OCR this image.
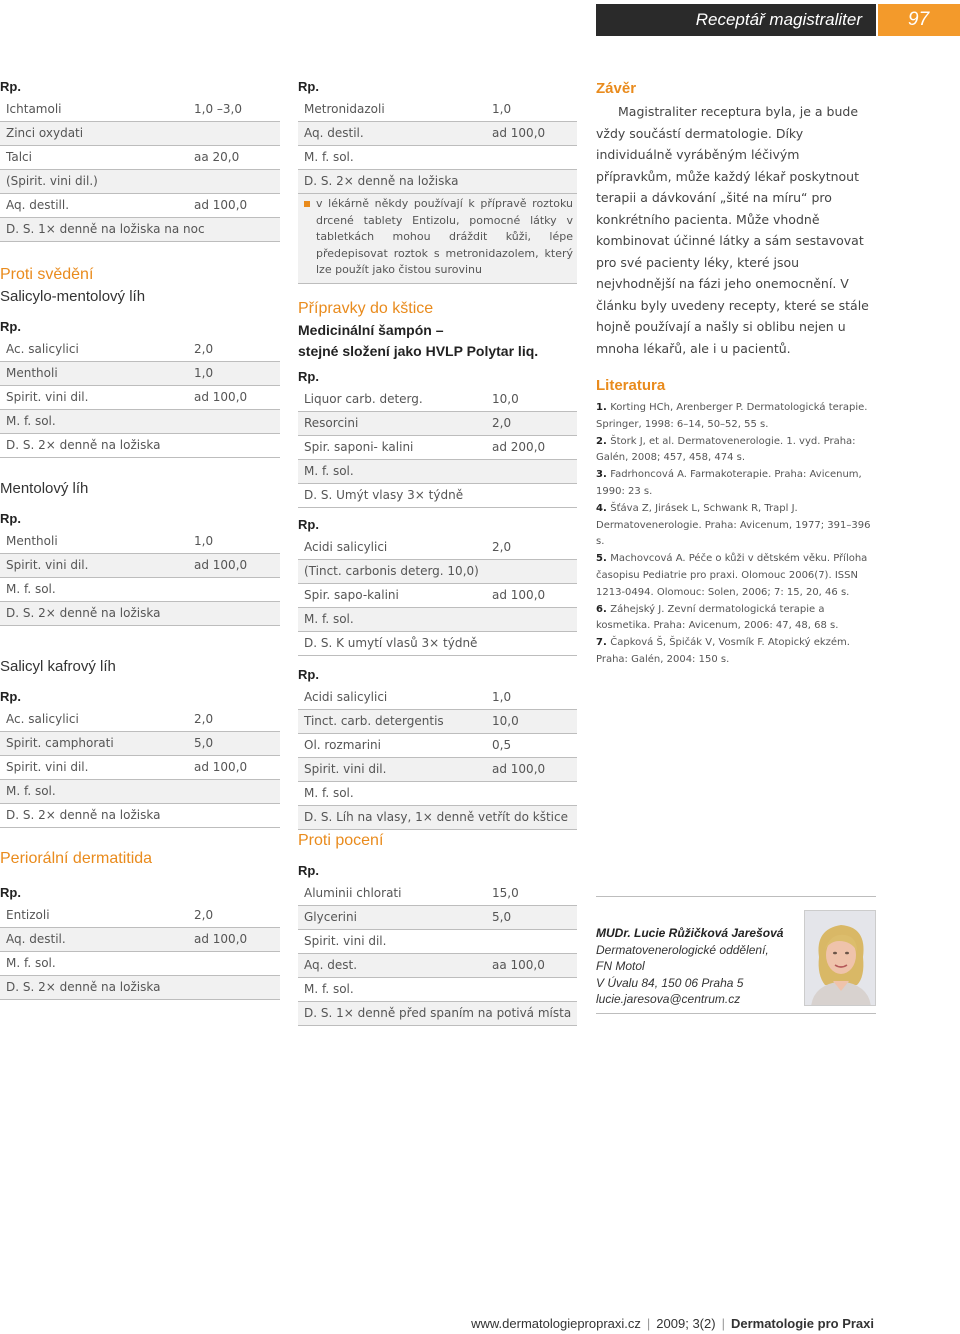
Receptář magistraliter	97
Rp.
Ichtamoli	1,0 –3,0
Zinci oxydati
Talci	aa 20,0
(Spirit. vini dil.)
Aq. destill.	ad 100,0
D. S. 1× denně na ložiska na noc
Proti svědění
Salicylo-mentolový líh
Rp.
Ac. salicylici	2,0
Mentholi	1,0
Spirit. vini dil.	ad 100,0
M. f. sol.
D. S. 2× denně na ložiska
Mentolový líh
Rp.
Mentholi	1,0
Spirit. vini dil.	ad 100,0
M. f. sol.
D. S. 2× denně na ložiska
Salicyl kafrový líh
Rp.
Ac. salicylici	2,0
Spirit. camphorati	5,0
Spirit. vini dil.	ad 100,0
M. f. sol.
D. S. 2× denně na ložiska
Periorální dermatitida
Rp.
Entizoli	2,0
Aq. destil.	ad 100,0
M. f. sol.
D. S. 2× denně na ložiska
Rp.
Metronidazoli	1,0
Aq. destil.	ad 100,0
M. f. sol.
D. S. 2× denně na ložiska
v lékárně někdy používají k přípravě roztoku drcené tablety Entizolu, pomocné látky v tabletkách mohou dráždit kůži, lépe předepisovat roztok s metronidazolem, který lze použít jako čistou surovinu
Přípravky do kštice
Medicinální šampón –
stejné složení jako HVLP Polytar liq.
Rp.
Liquor carb. deterg.	10,0
Resorcini	2,0
Spir. saponi- kalini	ad 200,0
M. f. sol.
D. S. Umýt vlasy 3× týdně
Rp.
Acidi salicylici	2,0
(Tinct. carbonis deterg. 10,0)
Spir. sapo-kalini	ad 100,0
M. f. sol.
D. S. K umytí vlasů 3× týdně
Rp.
Acidi salicylici	1,0
Tinct. carb. detergentis	10,0
Ol. rozmarini	0,5
Spirit. vini dil.	ad 100,0
M. f. sol.
D. S. Líh na vlasy, 1× denně vetřít do kštice
Proti pocení
Rp.
Aluminii chlorati	15,0
Glycerini	5,0
Spirit. vini dil.
Aq. dest.	aa 100,0
M. f. sol.
D. S. 1× denně před spaním na potivá místa
Závěr

Magistraliter receptura byla, je a bude vždy součástí dermatologie. Díky individuálně vyráběným léčivým přípravkům, může každý lékař poskytnout terapii a dávkování „šité na míru“ pro konkrétního pacienta. Může vhodně kombinovat účinné látky a sám sestavovat pro své pacienty léky, které jsou nejvhodnější na fázi jeho onemocnění. V článku byly uvedeny recepty, které se stále hojně používají a našly si oblibu nejen u mnoha lékařů, ale i u pacientů.

Literatura
1. Korting HCh, Arenberger P. Dermatologická terapie. Springer, 1998: 6–14, 50–52, 55 s.
2. Štork J, et al. Dermatovenerologie. 1. vyd. Praha: Galén, 2008; 457, 458, 474 s.
3. Fadrhoncová A. Farmakoterapie. Praha: Avicenum, 1990: 23 s.
4. Šťáva Z, Jirásek L, Schwank R, Trapl J. Dermatovenerologie. Praha: Avicenum, 1977; 391–396 s.
5. Machovcová A. Péče o kůži v dětském věku. Příloha časopisu Pediatrie pro praxi. Olomouc 2006(7). ISSN 1213-0494. Olomouc: Solen, 2006; 7: 15, 20, 46 s.
6. Záhejský J. Zevní dermatologická terapie a kosmetika. Praha: Avicenum, 2006: 47, 48, 68 s.
7. Čapková Š, Špičák V, Vosmík F. Atopický ekzém. Praha: Galén, 2004: 150 s.
MUDr. Lucie Růžičková Jarešová
Dermatovenerologické oddělení,
FN Motol
V Úvalu 84, 150 06 Praha 5
lucie.jaresova@centrum.cz
www.dermatologiepropraxi.cz | 2009; 3(2) | Dermatologie pro Praxi
